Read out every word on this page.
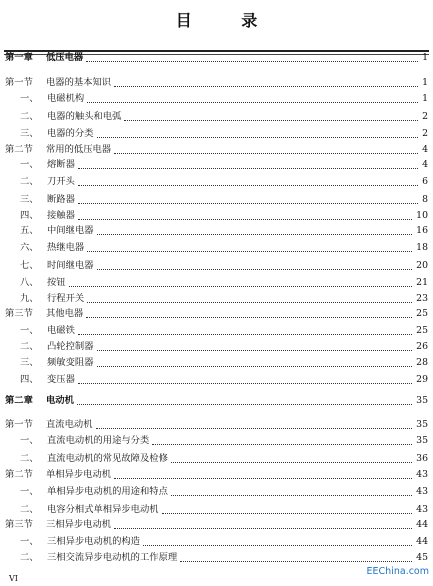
目 录
第一章 低压电器	1
第一节 电器的基本知识	1
一、 电磁机构	1
二、 电器的触头和电弧	2
三、 电器的分类	2
第二节 常用的低压电器	4
一、 熔断器	4
二、 刀开头	6
三、 断路器	8
四、 接触器	10
五、 中间继电器	16
六、 热继电器	18
七、 时间继电器	20
八、 按钮	21
九、 行程开关	23
第三节 其他电器	25
一、 电磁铁	25
二、 凸轮控制器	26
三、 频敏变阻器	28
四、 变压器	29
第二章 电动机	35
第一节 直流电动机	35
一、 直流电动机的用途与分类	35
二、 直流电动机的常见故障及检修	36
第二节 单相异步电动机	43
一、 单相异步电动机的用途和特点	43
二、 电容分相式单相异步电动机	43
第三节 三相异步电动机	44
一、 三相异步电动机的构造	44
二、 三相交流异步电动机的工作原理	45
VI
EEChina.com
